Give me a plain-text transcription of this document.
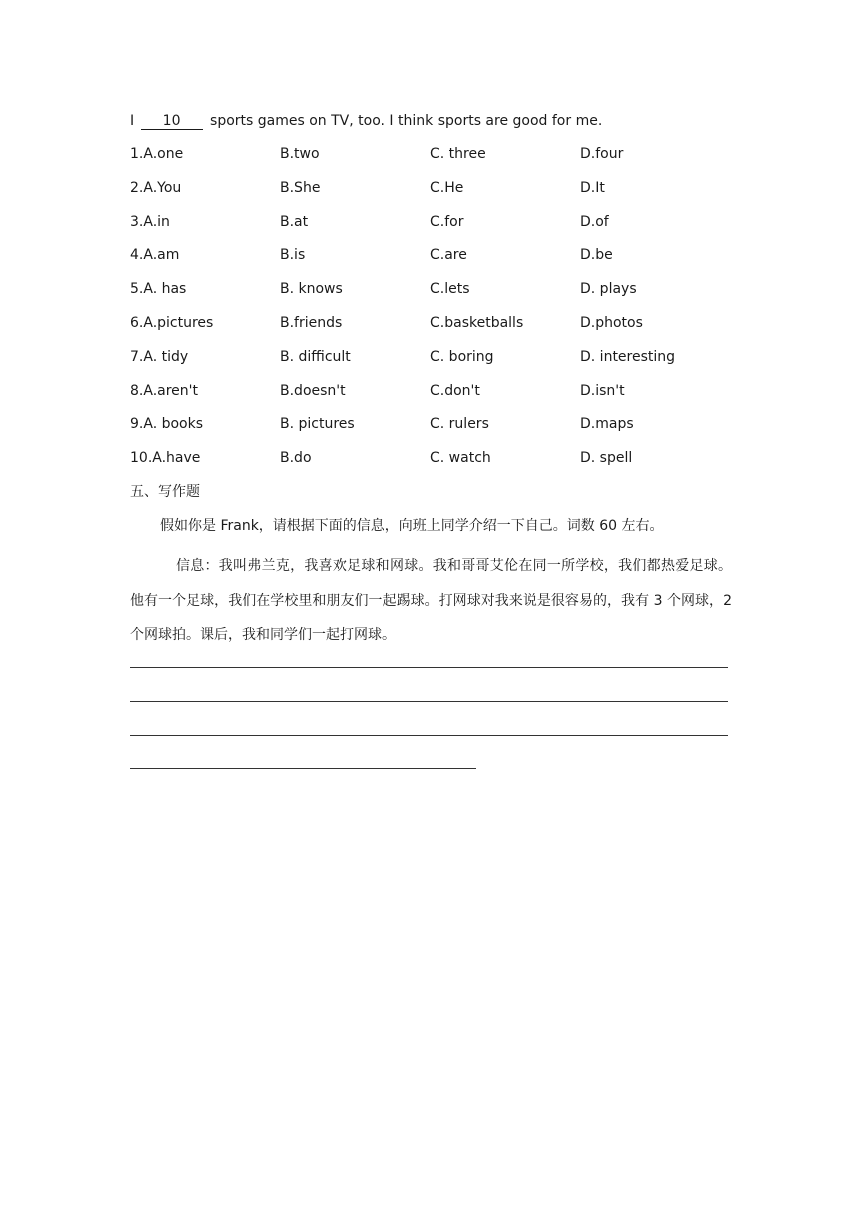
I 10 sports games on TV, too. I think sports are good for me.
1.A.one	B.two	C. three	D.four
2.A.You	B.She	C.He	D.It
3.A.in	B.at	C.for	D.of
4.A.am	B.is	C.are	D.be
5.A. has	B. knows	C.lets	D. plays
6.A.pictures	B.friends	C.basketballs	D.photos
7.A. tidy	B. difficult	C. boring	D. interesting
8.A.aren't	B.doesn't	C.don't	D.isn't
9.A. books	B. pictures	C. rulers	D.maps
10.A.have	B.do	C. watch	D. spell
五、写作题
假如你是 Frank，请根据下面的信息，向班上同学介绍一下自己。词数 60 左右。
信息：我叫弗兰克，我喜欢足球和网球。我和哥哥艾伦在同一所学校，我们都热爱足球。他有一个足球，我们在学校里和朋友们一起踢球。打网球对我来说是很容易的，我有 3 个网球，2 个网球拍。课后，我和同学们一起打网球。
